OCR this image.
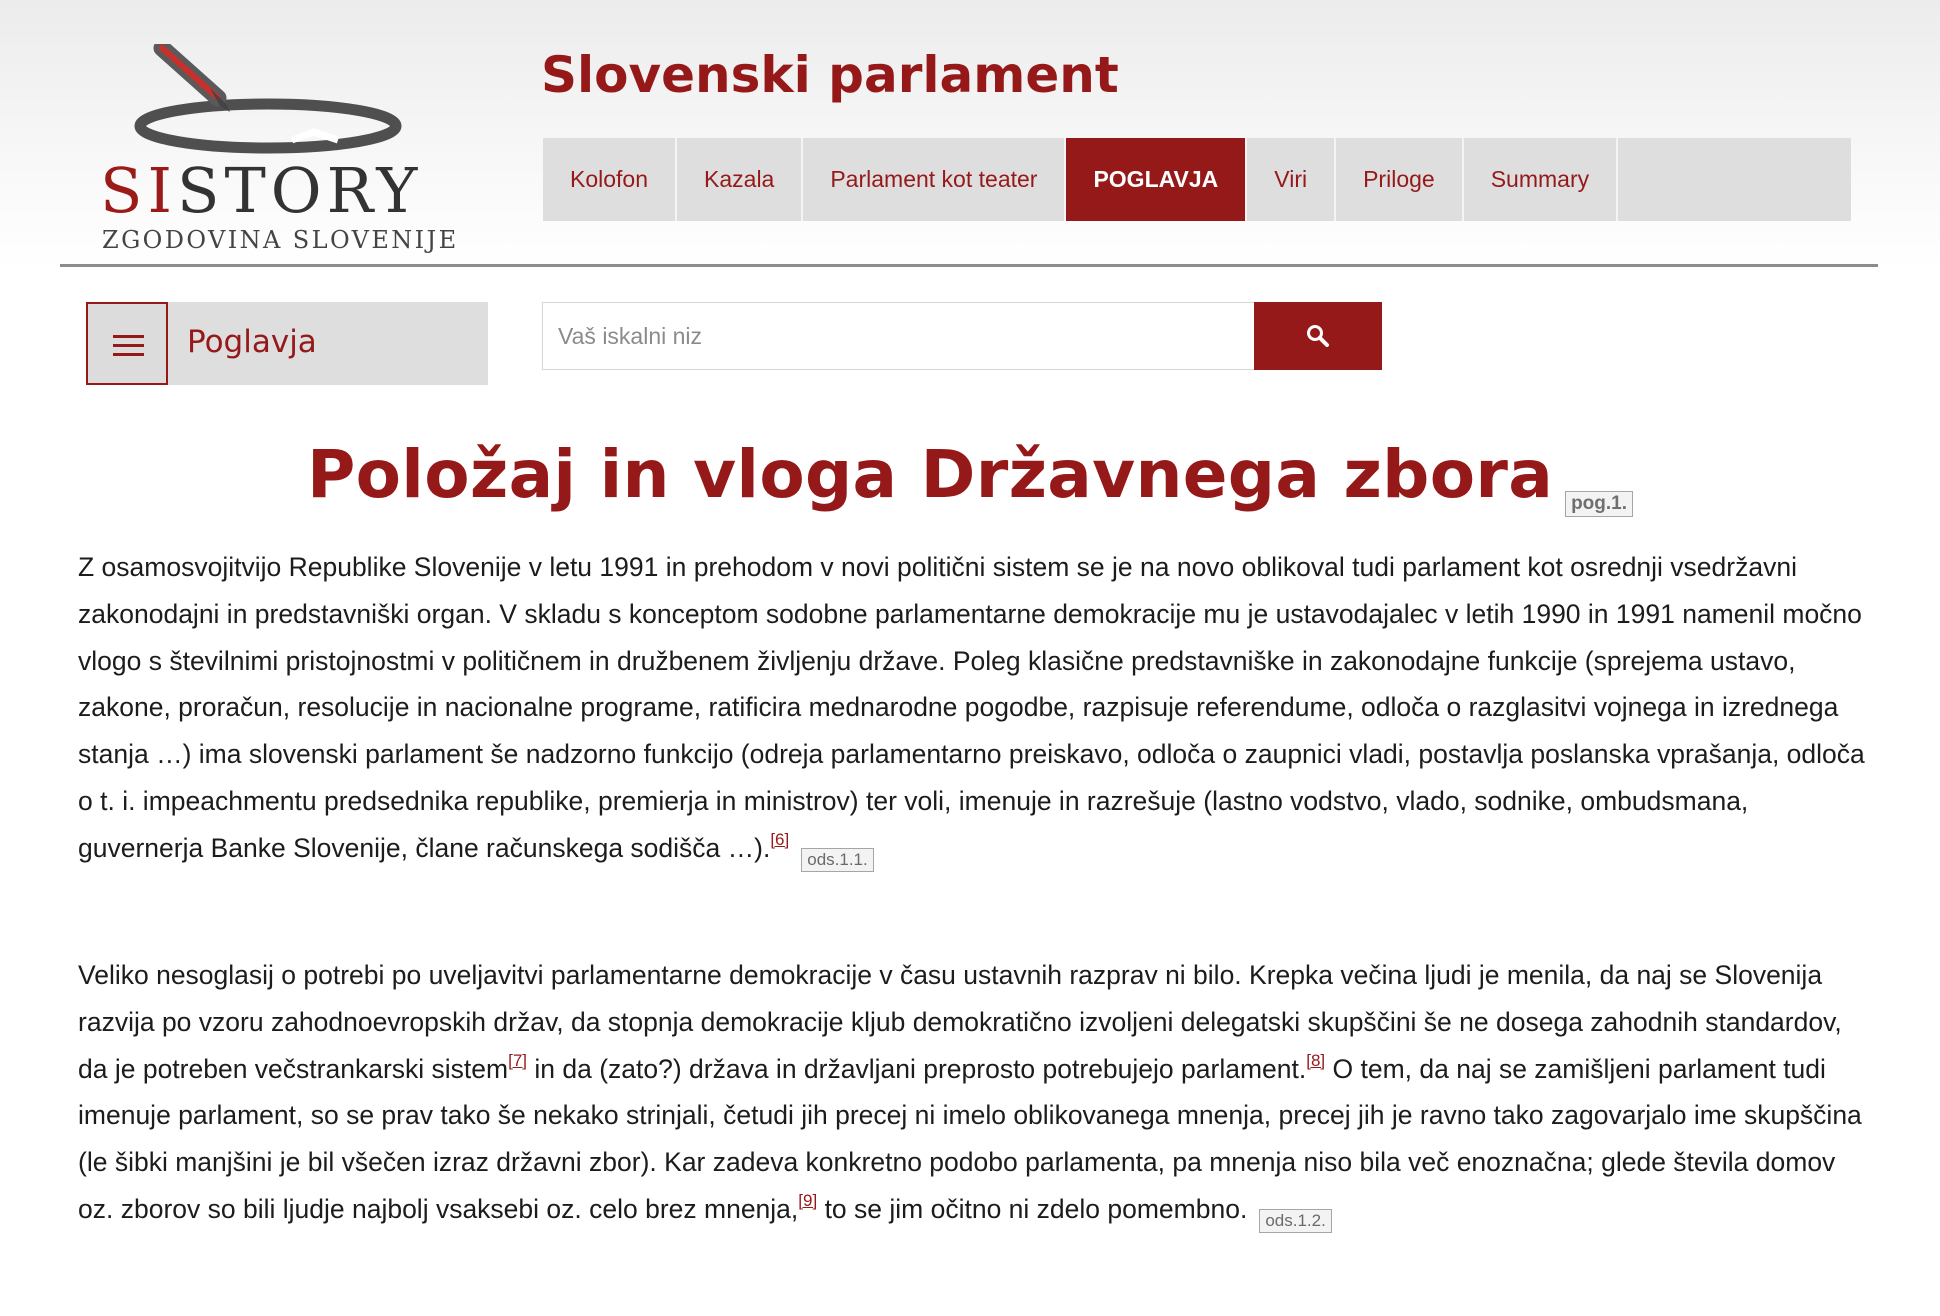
SISTORY
ZGODOVINA SLOVENIJE
Slovenski parlament
Kolofon	Kazala	Parlament kot teater	POGLAVJA	Viri	Priloge	Summary
Poglavja
Vaš iskalni niz
Položaj in vloga Državnega zbora pog.1.

Z osamosvojitvijo Republike Slovenije v letu 1991 in prehodom v novi politični sistem se je na novo oblikoval tudi parlament kot osrednji vsedržavni zakonodajni in predstavniški organ. V skladu s konceptom sodobne parlamentarne demokracije mu je ustavodajalec v letih 1990 in 1991 namenil močno vlogo s številnimi pristojnostmi v političnem in družbenem življenju države. Poleg klasične predstavniške in zakonodajne funkcije (sprejema ustavo, zakone, proračun, resolucije in nacionalne programe, ratificira mednarodne pogodbe, razpisuje referendume, odloča o razglasitvi vojnega in izrednega stanja …) ima slovenski parlament še nadzorno funkcijo (odreja parlamentarno preiskavo, odloča o zaupnici vladi, postavlja poslanska vprašanja, odloča o t. i. impeachmentu predsednika republike, premierja in ministrov) ter voli, imenuje in razrešuje (lastno vodstvo, vlado, sodnike, ombudsmana, guvernerja Banke Slovenije, člane računskega sodišča …).[6]ods.1.1.

Veliko nesoglasij o potrebi po uveljavitvi parlamentarne demokracije v času ustavnih razprav ni bilo. Krepka večina ljudi je menila, da naj se Slovenija razvija po vzoru zahodnoevropskih držav, da stopnja demokracije kljub demokratično izvoljeni delegatski skupščini še ne dosega zahodnih standardov, da je potreben večstrankarski sistem[7] in da (zato?) država in državljani preprosto potrebujejo parlament.[8] O tem, da naj se zamišljeni parlament tudi imenuje parlament, so se prav tako še nekako strinjali, četudi jih precej ni imelo oblikovanega mnenja, precej jih je ravno tako zagovarjalo ime skupščina (le šibki manjšini je bil všečen izraz državni zbor). Kar zadeva konkretno podobo parlamenta, pa mnenja niso bila več enoznačna; glede števila domov oz. zborov so bili ljudje najbolj vsaksebi oz. celo brez mnenja,[9] to se jim očitno ni zdelo pomembno. ods.1.2.
